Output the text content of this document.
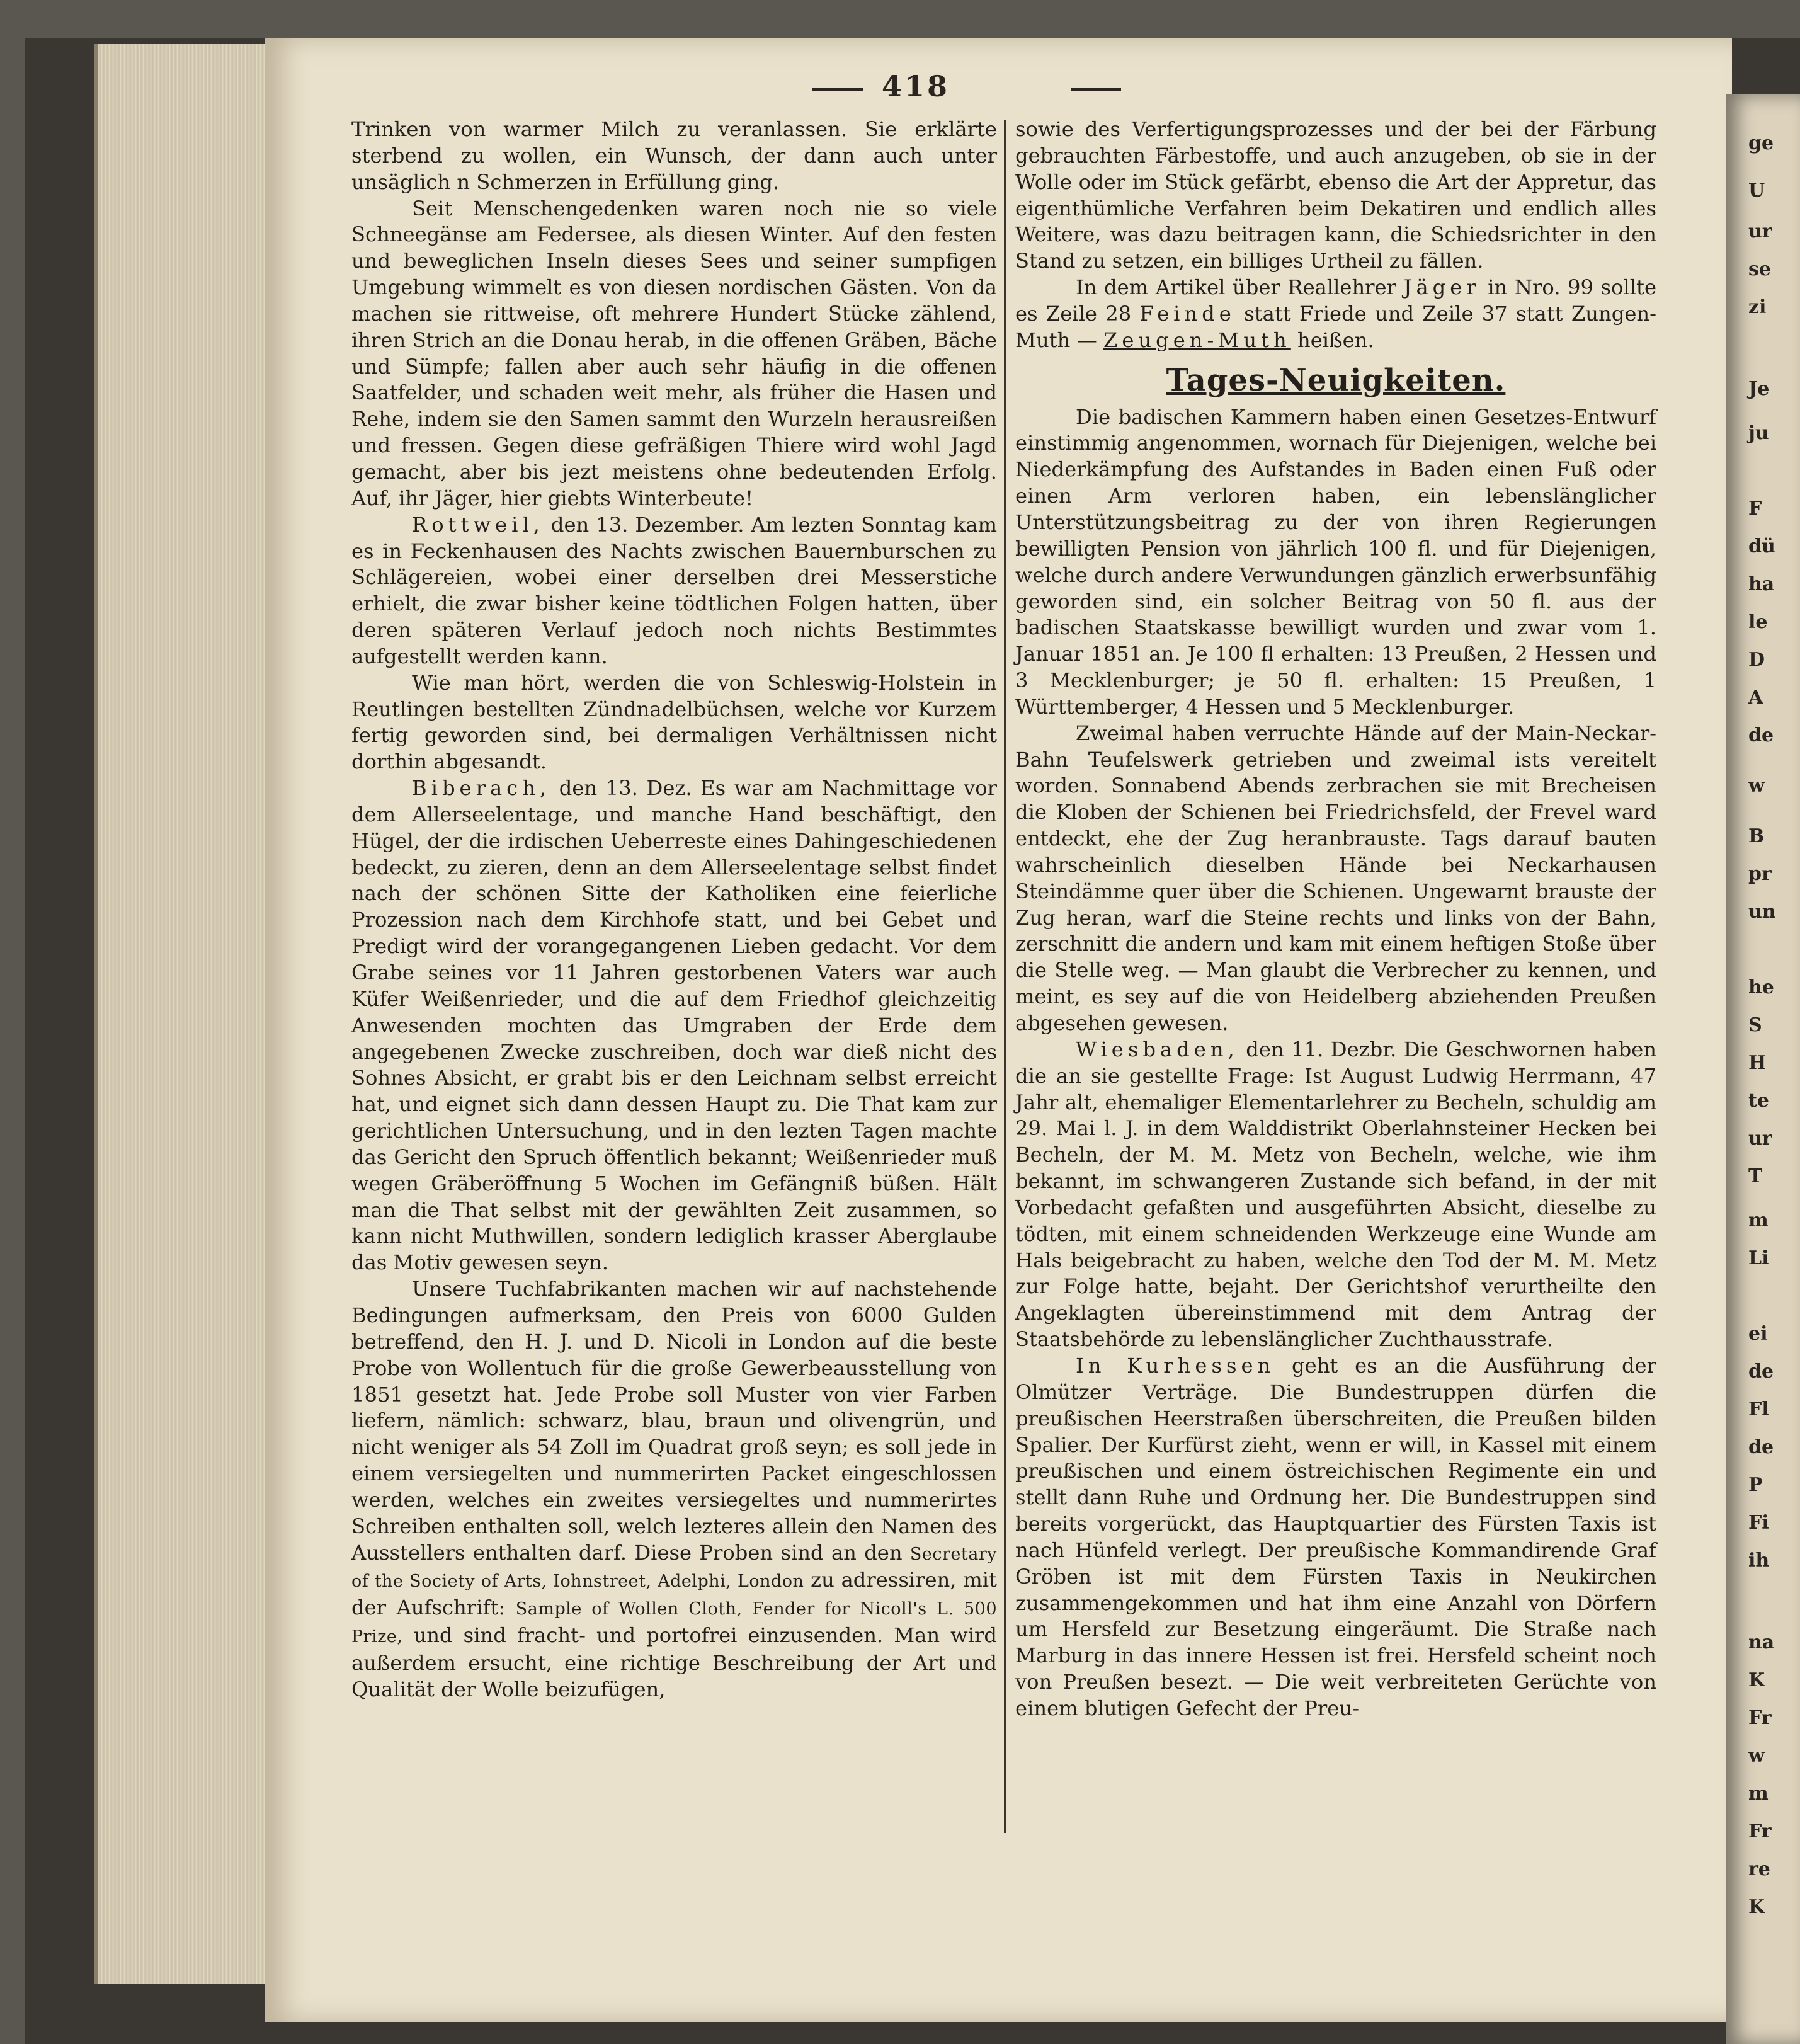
ge
U
ur
se
zi
Je
ju
F
dü
ha
le
D
A
de
w
B
pr
un
he
S
H
te
ur
T
m
Li
ei
de
Fl
de
P
Fi
ih
na
K
Fr
w
m
Fr
re
K
418

Trinken von warmer Milch zu veranlassen. Sie erklärte sterbend zu wollen, ein Wunsch, der dann auch unter unsäglich n Schmerzen in Erfüllung ging.

Seit Menschengedenken waren noch nie so viele Schneegänse am Federsee, als diesen Winter. Auf den festen und beweglichen Inseln dieses Sees und seiner sumpfigen Umgebung wimmelt es von diesen nordischen Gästen. Von da machen sie rittweise, oft mehrere Hundert Stücke zählend, ihren Strich an die Donau herab, in die offenen Gräben, Bäche und Sümpfe; fallen aber auch sehr häufig in die offenen Saatfelder, und schaden weit mehr, als früher die Hasen und Rehe, indem sie den Samen sammt den Wurzeln herausreißen und fressen. Gegen diese gefräßigen Thiere wird wohl Jagd gemacht, aber bis jezt meistens ohne bedeutenden Erfolg. Auf, ihr Jäger, hier giebts Winterbeute!

Rottweil, den 13. Dezember. Am lezten Sonntag kam es in Feckenhausen des Nachts zwischen Bauernburschen zu Schlägereien, wobei einer derselben drei Messerstiche erhielt, die zwar bisher keine tödtlichen Folgen hatten, über deren späteren Verlauf jedoch noch nichts Bestimmtes aufgestellt werden kann.

Wie man hört, werden die von Schleswig-Holstein in Reutlingen bestellten Zündnadelbüchsen, welche vor Kurzem fertig geworden sind, bei dermaligen Verhältnissen nicht dorthin abgesandt.

Biberach, den 13. Dez. Es war am Nachmittage vor dem Allerseelentage, und manche Hand beschäftigt, den Hügel, der die irdischen Ueberreste eines Dahingeschiedenen bedeckt, zu zieren, denn an dem Allerseelentage selbst findet nach der schönen Sitte der Katholiken eine feierliche Prozession nach dem Kirchhofe statt, und bei Gebet und Predigt wird der vorangegangenen Lieben gedacht. Vor dem Grabe seines vor 11 Jahren gestorbenen Vaters war auch Küfer Weißenrieder, und die auf dem Friedhof gleichzeitig Anwesenden mochten das Umgraben der Erde dem angegebenen Zwecke zuschreiben, doch war dieß nicht des Sohnes Absicht, er grabt bis er den Leichnam selbst erreicht hat, und eignet sich dann dessen Haupt zu. Die That kam zur gerichtlichen Untersuchung, und in den lezten Tagen machte das Gericht den Spruch öffentlich bekannt; Weißenrieder muß wegen Gräberöffnung 5 Wochen im Gefängniß büßen. Hält man die That selbst mit der gewählten Zeit zusammen, so kann nicht Muthwillen, sondern lediglich krasser Aberglaube das Motiv gewesen seyn.

Unsere Tuchfabrikanten machen wir auf nachstehende Bedingungen aufmerksam, den Preis von 6000 Gulden betreffend, den H. J. und D. Nicoli in London auf die beste Probe von Wollentuch für die große Gewerbeausstellung von 1851 gesetzt hat. Jede Probe soll Muster von vier Farben liefern, nämlich: schwarz, blau, braun und olivengrün, und nicht weniger als 54 Zoll im Quadrat groß seyn; es soll jede in einem versiegelten und nummerirten Packet eingeschlossen werden, welches ein zweites versiegeltes und nummerirtes Schreiben enthalten soll, welch lezteres allein den Namen des Ausstellers enthalten darf. Diese Proben sind an den Secretary of the Society of Arts, Iohnstreet, Adelphi, London zu adressiren, mit der Aufschrift: Sample of Wollen Cloth, Fender for Nicoll's L. 500 Prize, und sind fracht- und portofrei einzusenden. Man wird außerdem ersucht, eine richtige Beschreibung der Art und Qualität der Wolle beizufügen,

sowie des Verfertigungsprozesses und der bei der Färbung gebrauchten Färbestoffe, und auch anzugeben, ob sie in der Wolle oder im Stück gefärbt, ebenso die Art der Appretur, das eigenthümliche Verfahren beim Dekatiren und endlich alles Weitere, was dazu beitragen kann, die Schiedsrichter in den Stand zu setzen, ein billiges Urtheil zu fällen.

In dem Artikel über Reallehrer Jäger in Nro. 99 sollte es Zeile 28 Feinde statt Friede und Zeile 37 statt Zungen-Muth — Zeugen-Muth heißen.

Tages-Neuigkeiten.

Die badischen Kammern haben einen Gesetzes-Entwurf einstimmig angenommen, wornach für Diejenigen, welche bei Niederkämpfung des Aufstandes in Baden einen Fuß oder einen Arm verloren haben, ein lebenslänglicher Unterstützungsbeitrag zu der von ihren Regierungen bewilligten Pension von jährlich 100 fl. und für Diejenigen, welche durch andere Verwundungen gänzlich erwerbsunfähig geworden sind, ein solcher Beitrag von 50 fl. aus der badischen Staatskasse bewilligt wurden und zwar vom 1. Januar 1851 an. Je 100 fl erhalten: 13 Preußen, 2 Hessen und 3 Mecklenburger; je 50 fl. erhalten: 15 Preußen, 1 Württemberger, 4 Hessen und 5 Mecklenburger.

Zweimal haben verruchte Hände auf der Main-Neckar-Bahn Teufelswerk getrieben und zweimal ists vereitelt worden. Sonnabend Abends zerbrachen sie mit Brecheisen die Kloben der Schienen bei Friedrichsfeld, der Frevel ward entdeckt, ehe der Zug heranbrauste. Tags darauf bauten wahrscheinlich dieselben Hände bei Neckarhausen Steindämme quer über die Schienen. Ungewarnt brauste der Zug heran, warf die Steine rechts und links von der Bahn, zerschnitt die andern und kam mit einem heftigen Stoße über die Stelle weg. — Man glaubt die Verbrecher zu kennen, und meint, es sey auf die von Heidelberg abziehenden Preußen abgesehen gewesen.

Wiesbaden, den 11. Dezbr. Die Geschwornen haben die an sie gestellte Frage: Ist August Ludwig Herrmann, 47 Jahr alt, ehemaliger Elementarlehrer zu Becheln, schuldig am 29. Mai l. J. in dem Walddistrikt Oberlahnsteiner Hecken bei Becheln, der M. M. Metz von Becheln, welche, wie ihm bekannt, im schwangeren Zustande sich befand, in der mit Vorbedacht gefaßten und ausgeführten Absicht, dieselbe zu tödten, mit einem schneidenden Werkzeuge eine Wunde am Hals beigebracht zu haben, welche den Tod der M. M. Metz zur Folge hatte, bejaht. Der Gerichtshof verurtheilte den Angeklagten übereinstimmend mit dem Antrag der Staatsbehörde zu lebenslänglicher Zuchthausstrafe.

In Kurhessen geht es an die Ausführung der Olmützer Verträge. Die Bundestruppen dürfen die preußischen Heerstraßen überschreiten, die Preußen bilden Spalier. Der Kurfürst zieht, wenn er will, in Kassel mit einem preußischen und einem östreichischen Regimente ein und stellt dann Ruhe und Ordnung her. Die Bundestruppen sind bereits vorgerückt, das Hauptquartier des Fürsten Taxis ist nach Hünfeld verlegt. Der preußische Kommandirende Graf Gröben ist mit dem Fürsten Taxis in Neukirchen zusammengekommen und hat ihm eine Anzahl von Dörfern um Hersfeld zur Besetzung eingeräumt. Die Straße nach Marburg in das innere Hessen ist frei. Hersfeld scheint noch von Preußen besezt. — Die weit verbreiteten Gerüchte von einem blutigen Gefecht der Preu-
